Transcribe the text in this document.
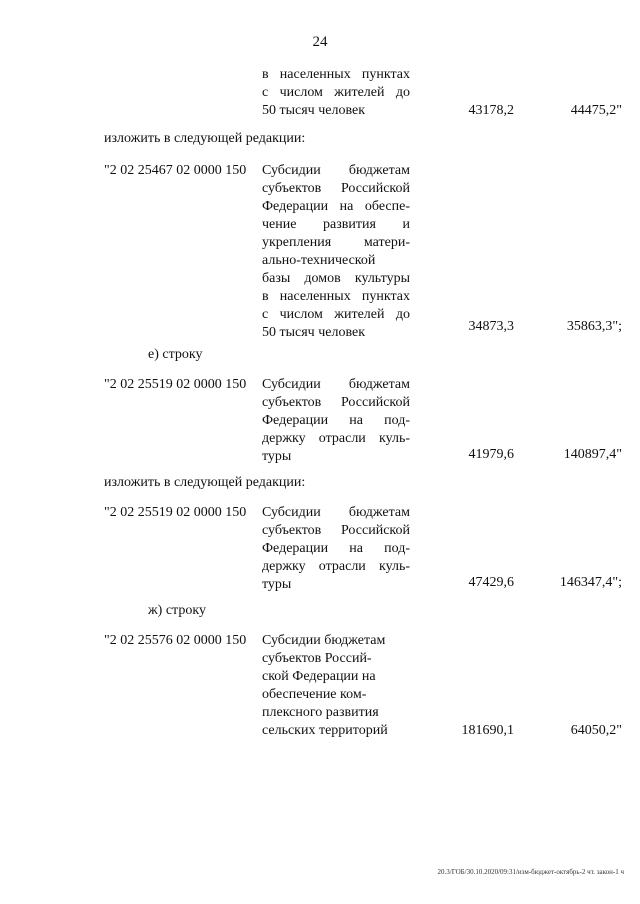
24
в населенных пунктах
с числом жителей до
50 тысяч человек	43178,2	44475,2"
изложить в следующей редакции:
"2 02 25467 02 0000 150 Субсидии бюджетам
субъектов Российской
Федерации на обеспе-
чение развития и
укрепления матери-
ально-технической
базы домов культуры
в населенных пунктах
с числом жителей до
50 тысяч человек	34873,3	35863,3";
е) строку
"2 02 25519 02 0000 150 Субсидии бюджетам
субъектов Российской
Федерации на под-
держку отрасли куль-
туры	41979,6	140897,4"
изложить в следующей редакции:
"2 02 25519 02 0000 150 Субсидии бюджетам
субъектов Российской
Федерации на под-
держку отрасли куль-
туры	47429,6	146347,4";
ж) строку
"2 02 25576 02 0000 150 Субсидии бюджетам
субъектов Россий-
ской Федерации на
обеспечение ком-
плексного развития
сельских территорий	181690,1	64050,2"
20.3/ГОБ/30.10.2020/09:31/изм-бюджет-октябрь-2 чт. закон-1 ч
